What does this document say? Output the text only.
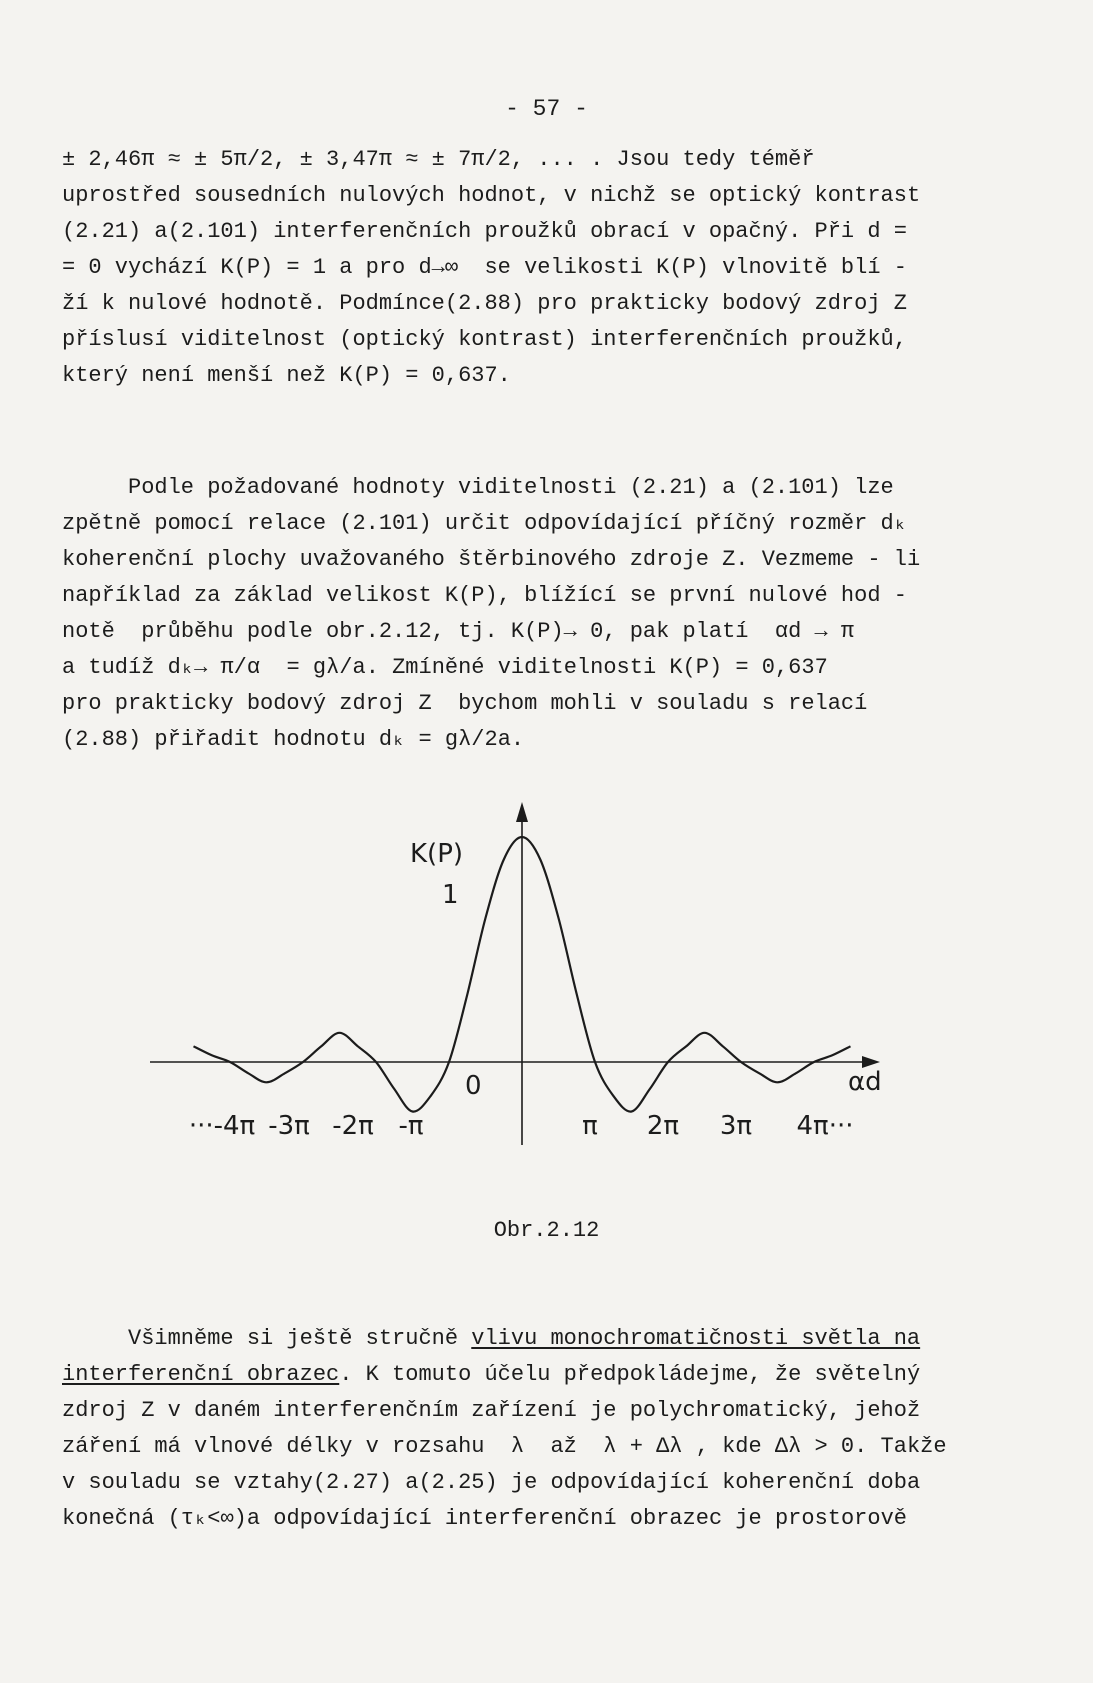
- 57 -
± 2,46π ≈ ± 5π/2, ± 3,47π ≈ ± 7π/2, ... . Jsou tedy téměř
uprostřed sousedních nulových hodnot, v nichž se optický kontrast
(2.21) a(2.101) interferenčních proužků obrací v opačný. Při d =
= 0 vychází K(P) = 1 a pro d→∞  se velikosti K(P) vlnovitě blí -
ží k nulové hodnotě. Podmínce(2.88) pro prakticky bodový zdroj Z
příslusí viditelnost (optický kontrast) interferenčních proužků,
který není menší než K(P) = 0,637.
Podle požadované hodnoty viditelnosti (2.21) a (2.101) lze
zpětně pomocí relace (2.101) určit odpovídající příčný rozměr dₖ
koherenční plochy uvažovaného štěrbinového zdroje Z. Vezmeme - li
například za základ velikost K(P), blížící se první nulové hod -
notě  průběhu podle obr.2.12, tj. K(P)→ 0, pak platí  αd → π
a tudíž dₖ→ π/α  = gλ/a. Zmíněné viditelnosti K(P) = 0,637
pro prakticky bodový zdroj Z  bychom mohli v souladu s relací
(2.88) přiřadit hodnotu dₖ = gλ/2a.
K(P)
1
0	αd
···-4π -3π -2π -π	π 2π 3π 4π···
Obr.2.12
Všimněme si ještě stručně vlivu monochromatičnosti světla na
interferenční obrazec. K tomuto účelu předpokládejme, že světelný
zdroj Z v daném interferenčním zařízení je polychromatický, jehož
záření má vlnové délky v rozsahu  λ  až  λ + Δλ , kde Δλ > 0. Takže
v souladu se vztahy(2.27) a(2.25) je odpovídající koherenční doba
konečná (τₖ<∞)a odpovídající interferenční obrazec je prostorově
